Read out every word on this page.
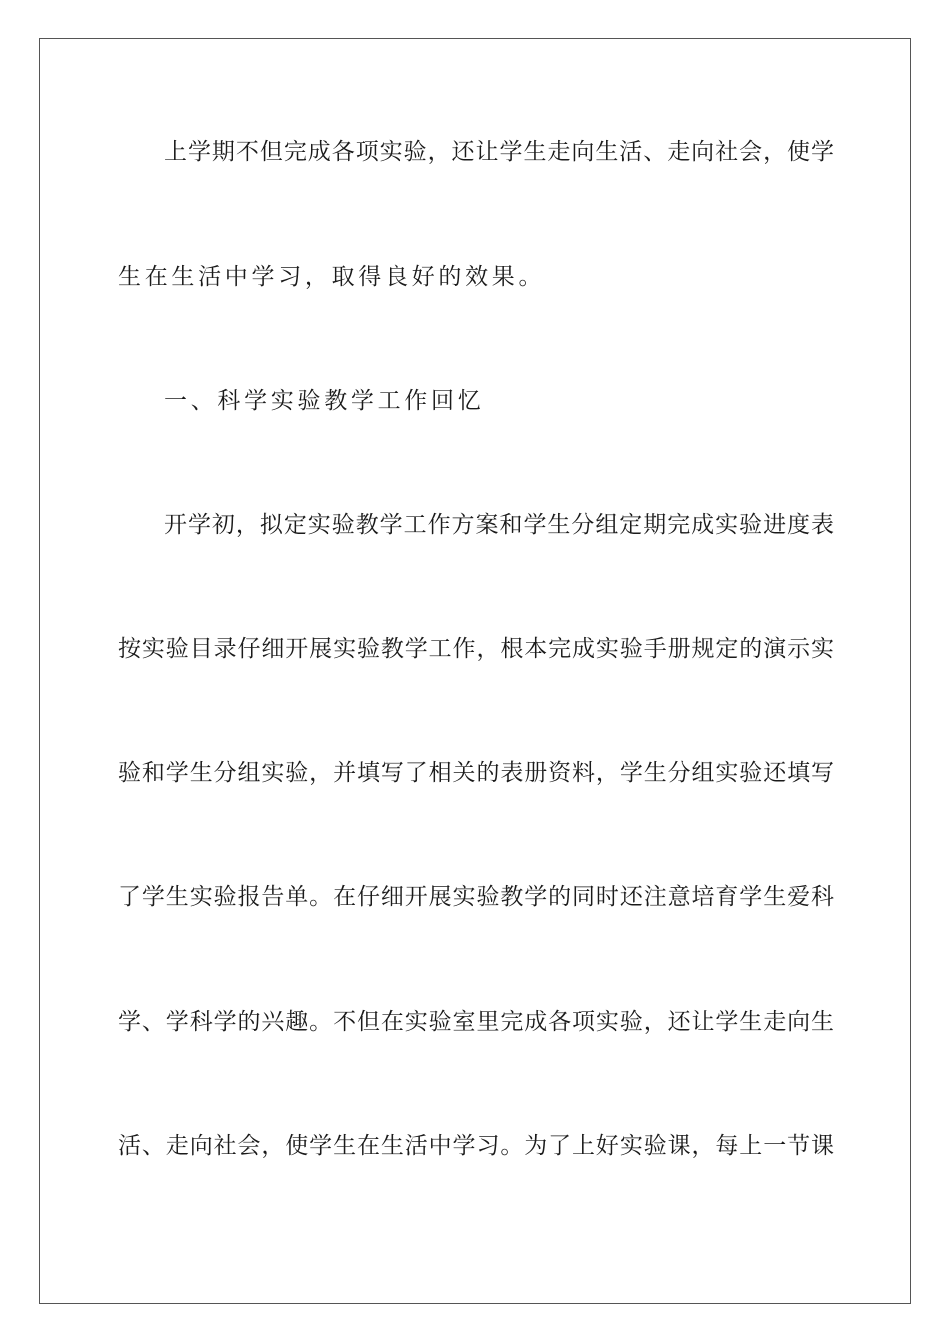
上学期不但完成各项实验，还让学生走向生活、走向社会，使学
生在生活中学习，取得良好的效果。
一、科学实验教学工作回忆
开学初，拟定实验教学工作方案和学生分组定期完成实验进度表
按实验目录仔细开展实验教学工作，根本完成实验手册规定的演示实
验和学生分组实验，并填写了相关的表册资料，学生分组实验还填写
了学生实验报告单。在仔细开展实验教学的同时还注意培育学生爱科
学、学科学的兴趣。不但在实验室里完成各项实验，还让学生走向生
活、走向社会，使学生在生活中学习。为了上好实验课，每上一节课
